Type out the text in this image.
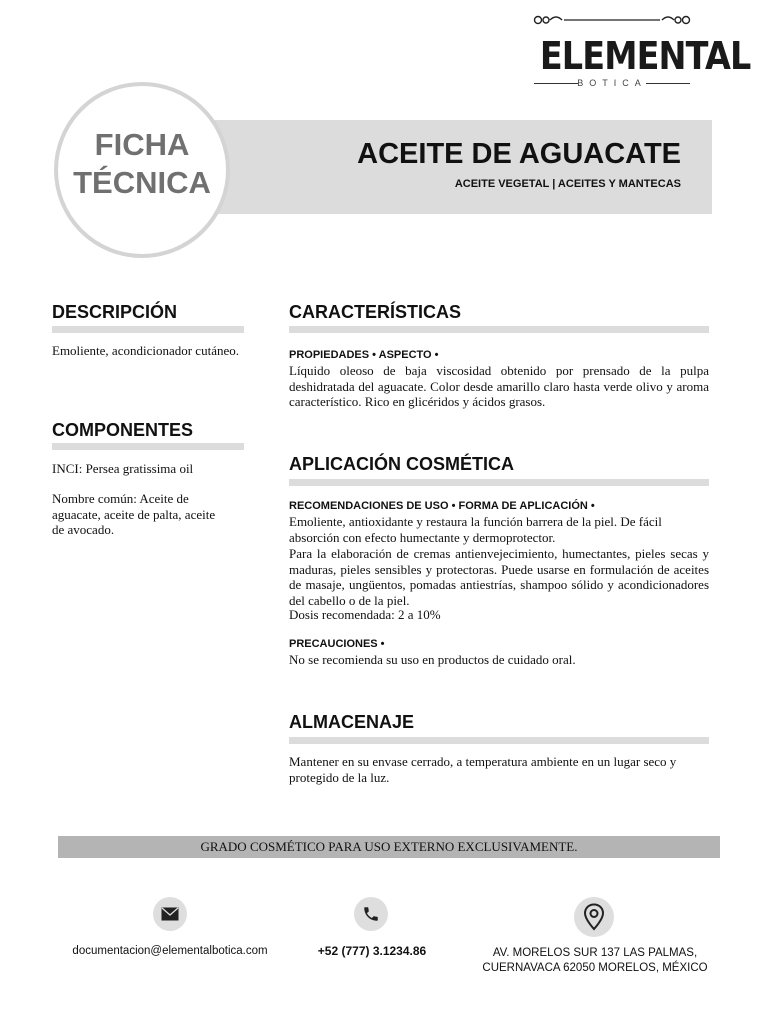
ELEMENTAL
BOTICA
FICHA
TÉCNICA
ACEITE DE AGUACATE
ACEITE VEGETAL | ACEITES Y MANTECAS
DESCRIPCIÓN
Emoliente, acondicionador cutáneo.
COMPONENTES
INCI: Persea gratissima oil
Nombre común: Aceite de aguacate, aceite de palta, aceite de avocado.
CARACTERÍSTICAS
PROPIEDADES • ASPECTO •
Líquido oleoso de baja viscosidad obtenido por prensado de la pulpa deshidratada del aguacate. Color desde amarillo claro hasta verde olivo y aroma característico. Rico en glicéridos y ácidos grasos.
APLICACIÓN COSMÉTICA
RECOMENDACIONES DE USO • FORMA DE APLICACIÓN •
Emoliente, antioxidante y restaura la función barrera de la piel. De fácil absorción con efecto humectante y dermoprotector.
Para la elaboración de cremas antienvejecimiento, humectantes, pieles secas y maduras, pieles sensibles y protectoras. Puede usarse en formulación de aceites de masaje, ungüentos, pomadas antiestrías, shampoo sólido y acondicionadores del cabello o de la piel.
Dosis recomendada: 2 a 10%
PRECAUCIONES •
No se recomienda su uso en productos de cuidado oral.
ALMACENAJE
Mantener en su envase cerrado, a temperatura ambiente en un lugar seco y protegido de la luz.
GRADO COSMÉTICO PARA USO EXTERNO EXCLUSIVAMENTE.
documentacion@elementalbotica.com	+52 (777) 3.1234.86	AV. MORELOS SUR 137 LAS PALMAS,
CUERNAVACA 62050 MORELOS, MÉXICO
